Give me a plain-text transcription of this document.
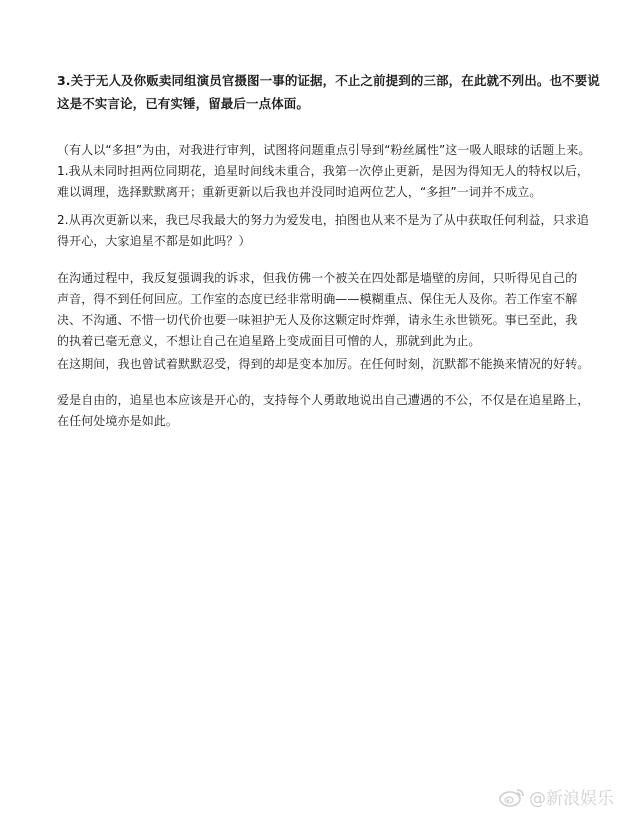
3.关于无人及你贩卖同组演员官摄图一事的证据，不止之前提到的三部，在此就不列出。也不要说
这是不实言论，已有实锤，留最后一点体面。

（有人以“多担”为由，对我进行审判，试图将问题重点引导到“粉丝属性”这一吸人眼球的话题上来。
1.我从未同时担两位同期花，追星时间线未重合，我第一次停止更新，是因为得知无人的特权以后，
难以调理，选择默默离开；重新更新以后我也并没同时追两位艺人，“多担”一词并不成立。

2.从再次更新以来，我已尽我最大的努力为爱发电，拍图也从来不是为了从中获取任何利益，只求追
得开心，大家追星不都是如此吗？）

在沟通过程中，我反复强调我的诉求，但我仿佛一个被关在四处都是墙壁的房间，只听得见自己的
声音，得不到任何回应。工作室的态度已经非常明确——模糊重点、保住无人及你。若工作室不解
决、不沟通、不惜一切代价也要一味袒护无人及你这颗定时炸弹，请永生永世锁死。事已至此，我
的执着已毫无意义，不想让自己在追星路上变成面目可憎的人，那就到此为止。

在这期间，我也曾试着默默忍受，得到的却是变本加厉。在任何时刻，沉默都不能换来情况的好转。

爱是自由的，追星也本应该是开心的，支持每个人勇敢地说出自己遭遇的不公，不仅是在追星路上，
在任何处境亦是如此。

@新浪娱乐
